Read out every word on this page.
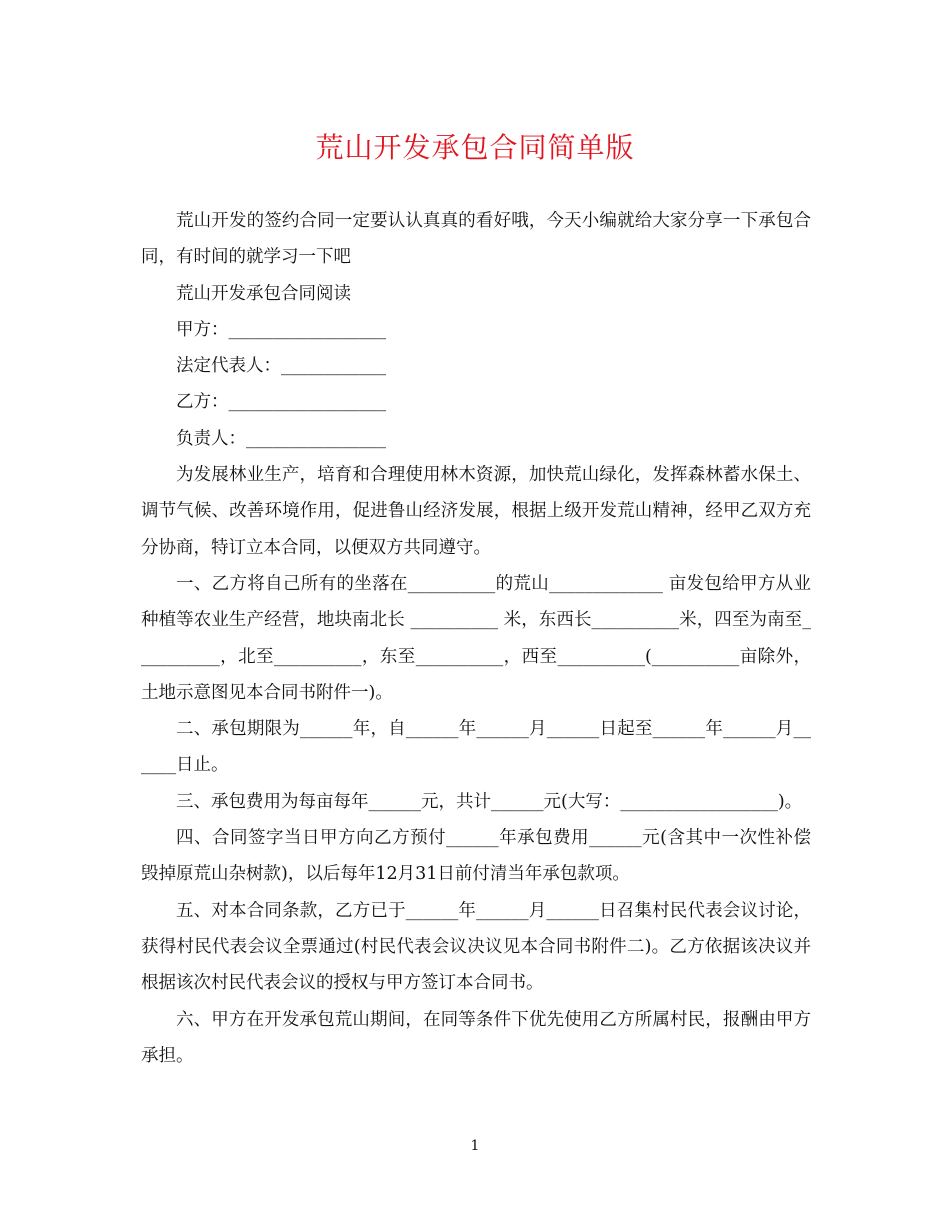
荒山开发承包合同简单版

荒山开发的签约合同一定要认认真真的看好哦，今天小编就给大家分享一下承包合同，有时间的就学习一下吧

荒山开发承包合同阅读

甲方：__________________

法定代表人：____________

乙方：__________________

负责人：________________

为发展林业生产，培育和合理使用林木资源，加快荒山绿化，发挥森林蓄水保土、调节气候、改善环境作用，促进鲁山经济发展，根据上级开发荒山精神，经甲乙双方充分协商，特订立本合同，以便双方共同遵守。

一、乙方将自己所有的坐落在__________的荒山_____________ 亩发包给甲方从业种植等农业生产经营，地块南北长 __________ 米，东西长__________米，四至为南至__________，北至__________，东至__________，西至__________(__________亩除外，土地示意图见本合同书附件一)。

二、承包期限为______年，自______年______月______日起至______年______月______日止。

三、承包费用为每亩每年______元，共计______元(大写：__________________)。

四、合同签字当日甲方向乙方预付______年承包费用______元(含其中一次性补偿毁掉原荒山杂树款)，以后每年12月31日前付清当年承包款项。

五、对本合同条款，乙方已于______年______月______日召集村民代表会议讨论，获得村民代表会议全票通过(村民代表会议决议见本合同书附件二)。乙方依据该决议并根据该次村民代表会议的授权与甲方签订本合同书。

六、甲方在开发承包荒山期间，在同等条件下优先使用乙方所属村民，报酬由甲方承担。

1
